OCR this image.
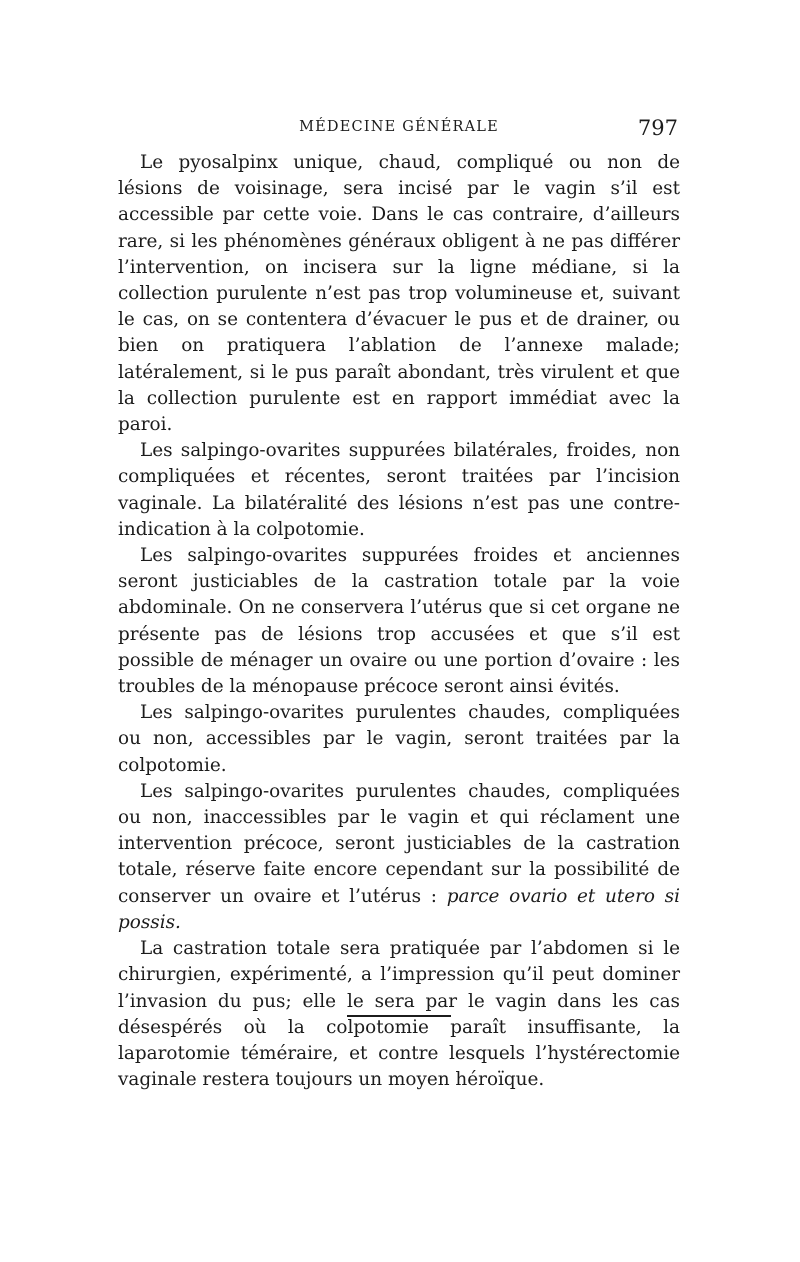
MÉDECINE GÉNÉRALE	797

Le pyosalpinx unique, chaud, compliqué ou non de lésions de voisinage, sera incisé par le vagin s’il est accessible par cette voie. Dans le cas contraire, d’ailleurs rare, si les phénomènes généraux obligent à ne pas différer l’intervention, on incisera sur la ligne médiane, si la collection purulente n’est pas trop volumineuse et, suivant le cas, on se contentera d’évacuer le pus et de drainer, ou bien on pratiquera l’ablation de l’annexe malade; latéralement, si le pus paraît abondant, très virulent et que la collection purulente est en rapport immédiat avec la paroi.

Les salpingo-ovarites suppurées bilatérales, froides, non compliquées et récentes, seront traitées par l’incision vaginale. La bilatéralité des lésions n’est pas une contre-indication à la colpotomie.

Les salpingo-ovarites suppurées froides et anciennes seront justiciables de la castration totale par la voie abdominale. On ne conservera l’utérus que si cet organe ne présente pas de lésions trop accusées et que s’il est possible de ménager un ovaire ou une portion d’ovaire : les troubles de la ménopause précoce seront ainsi évités.

Les salpingo-ovarites purulentes chaudes, compliquées ou non, accessibles par le vagin, seront traitées par la colpotomie.

Les salpingo-ovarites purulentes chaudes, compliquées ou non, inaccessibles par le vagin et qui réclament une intervention précoce, seront justiciables de la castration totale, réserve faite encore cependant sur la possibilité de conserver un ovaire et l’utérus : parce ovario et utero si possis.

La castration totale sera pratiquée par l’abdomen si le chirurgien, expérimenté, a l’impression qu’il peut dominer l’invasion du pus; elle le sera par le vagin dans les cas désespérés où la colpotomie paraît insuffisante, la laparotomie téméraire, et contre lesquels l’hystérectomie vaginale restera toujours un moyen héroïque.
